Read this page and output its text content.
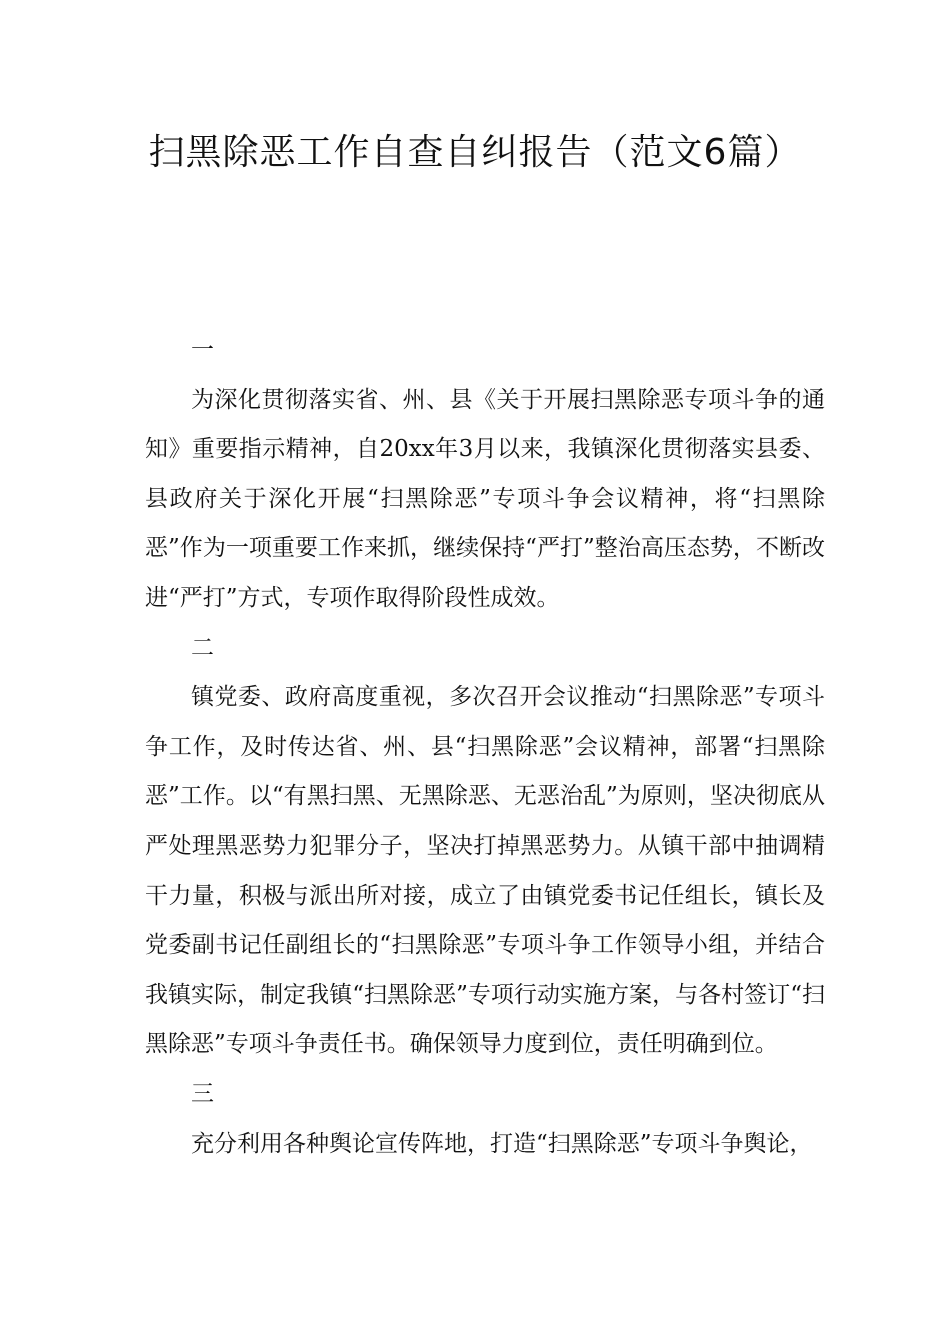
扫黑除恶工作自查自纠报告（范文6篇）

一

为深化贯彻落实省、州、县《关于开展扫黑除恶专项斗争的通知》重要指示精神，自20xx年3月以来，我镇深化贯彻落实县委、县政府关于深化开展“扫黑除恶”专项斗争会议精神，将“扫黑除恶”作为一项重要工作来抓，继续保持“严打”整治高压态势，不断改进“严打”方式，专项作取得阶段性成效。

二

镇党委、政府高度重视，多次召开会议推动“扫黑除恶”专项斗争工作，及时传达省、州、县“扫黑除恶”会议精神，部署“扫黑除恶”工作。以“有黑扫黑、无黑除恶、无恶治乱”为原则，坚决彻底从严处理黑恶势力犯罪分子，坚决打掉黑恶势力。从镇干部中抽调精干力量，积极与派出所对接，成立了由镇党委书记任组长，镇长及党委副书记任副组长的“扫黑除恶”专项斗争工作领导小组，并结合我镇实际，制定我镇“扫黑除恶”专项行动实施方案，与各村签订“扫黑除恶”专项斗争责任书。确保领导力度到位，责任明确到位。

三

充分利用各种舆论宣传阵地，打造“扫黑除恶”专项斗争舆论，
